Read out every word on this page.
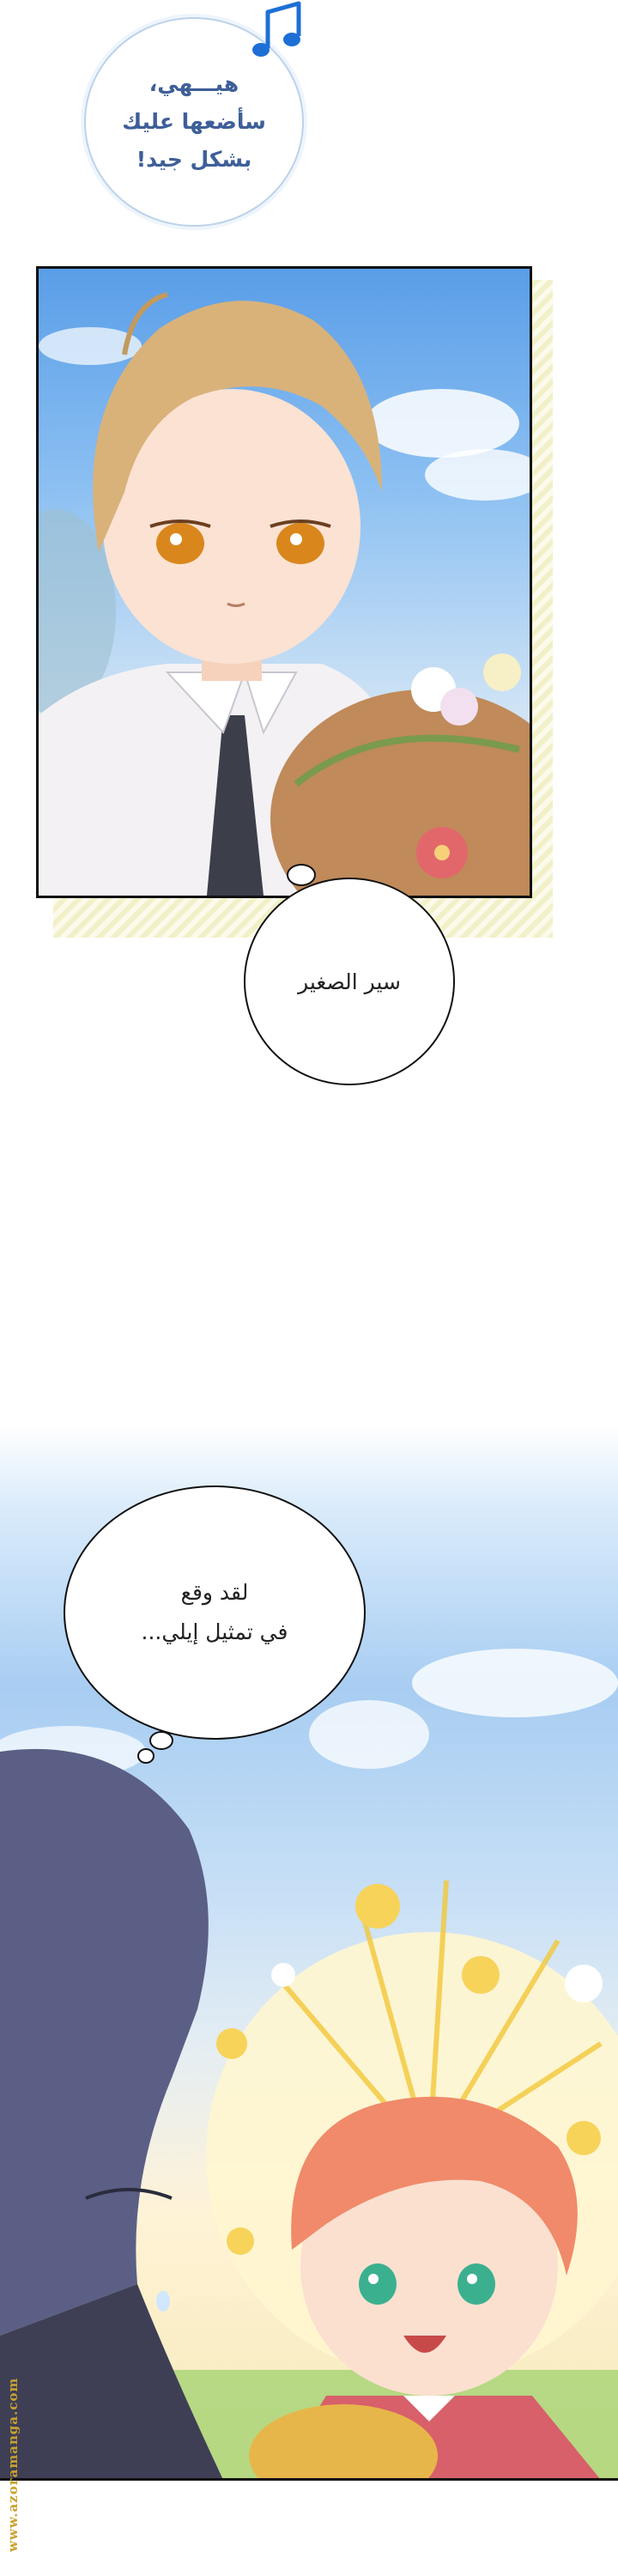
هيـــهي،
سأضعها عليك
بشكل جيد!
سير الصغير
لقد وقع
في تمثيل إيلي...
www.azoramanga.com
